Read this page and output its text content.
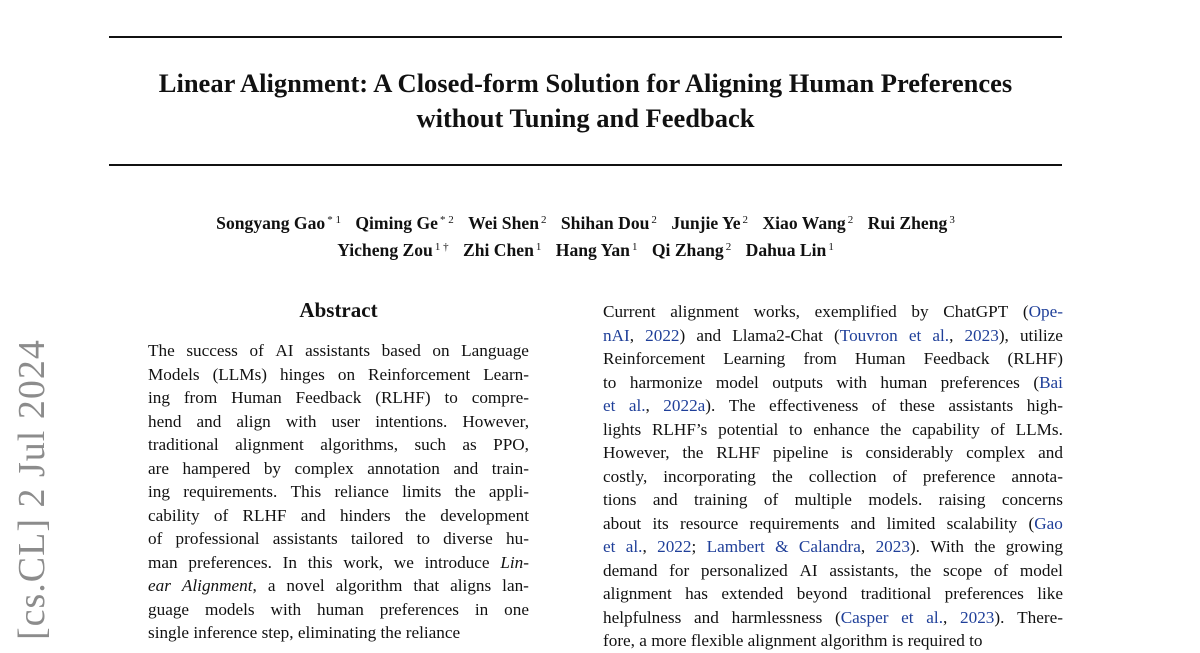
Linear Alignment: A Closed-form Solution for Aligning Human Preferences
without Tuning and Feedback
Songyang Gao $^{* 1}$ Qiming Ge $^{* 2}$ Wei Shen $^2$ Shihan Dou $^2$ Junjie Ye $^2$ Xiao Wang $^2$ Rui Zheng $^3$
Yicheng Zou $^{1 \dagger}$ Zhi Chen $^1$ Hang Yan $^1$ Qi Zhang $^2$ Dahua Lin $^1$
[cs.CL] 2 Jul 2024
Abstract
The success of AI assistants based on Language
Models (LLMs) hinges on Reinforcement Learn-
ing from Human Feedback (RLHF) to compre-
hend and align with user intentions. However,
traditional alignment algorithms, such as PPO,
are hampered by complex annotation and train-
ing requirements. This reliance limits the appli-
cability of RLHF and hinders the development
of professional assistants tailored to diverse hu-
man preferences. In this work, we introduce Lin-
ear Alignment, a novel algorithm that aligns lan-
guage models with human preferences in one
single
inference
step,
eliminating
the
reliance

Current alignment works, exemplified by ChatGPT (Ope-
nAI, 2022) and Llama2-Chat (Touvron et al., 2023), utilize
Reinforcement Learning from Human Feedback (RLHF)
to harmonize model outputs with human preferences (Bai
et al., 2022a). The effectiveness of these assistants high-
lights RLHF’s potential to enhance the capability of LLMs.
However, the RLHF pipeline is considerably complex and
costly, incorporating the collection of preference annota-
tions and training of multiple models. raising concerns
about its resource requirements and limited scalability (Gao
et al., 2022; Lambert & Calandra, 2023). With the growing
demand for personalized AI assistants, the scope of model
alignment has extended beyond traditional preferences like
helpfulness and harmlessness (Casper et al., 2023). There-
fore,
a
more
flexible
alignment
algorithm
is
required
to
